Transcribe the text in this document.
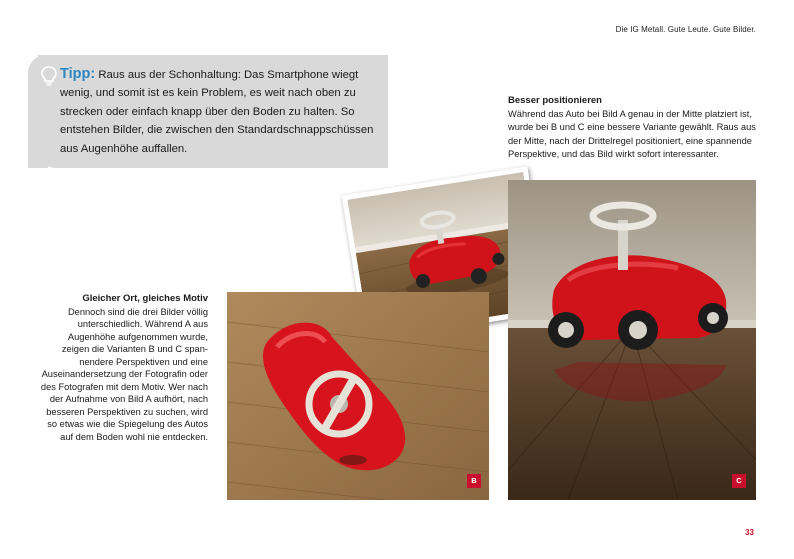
Die IG Metall. Gute Leute. Gute Bilder.
Tipp: Raus aus der Schonhaltung: Das Smartphone wiegt wenig, und somit ist es kein Problem, es weit nach oben zu strecken oder einfach knapp über den Boden zu halten. So entstehen Bilder, die zwischen den Standardschnappschüssen aus Augenhöhe auffallen.
Besser positionieren
Während das Auto bei Bild A genau in der Mitte platziert ist, wurde bei B und C eine bessere Variante gewählt. Raus aus der Mitte, nach der Drittelregel positioniert, eine spannende Perspektive, und das Bild wirkt sofort interessanter.
Gleicher Ort, gleiches Motiv
Dennoch sind die drei Bilder völlig unterschiedlich. Während A aus Augenhöhe aufgenommen wurde, zeigen die Varianten B und C spannendere Perspektiven und eine Auseinandersetzung der Fotografin oder des Fotografen mit dem Motiv. Wer nach der Aufnahme von Bild A aufhört, nach besseren Perspektiven zu suchen, wird so etwas wie die Spiegelung des Autos auf dem Boden wohl nie entdecken.
B	C
33
